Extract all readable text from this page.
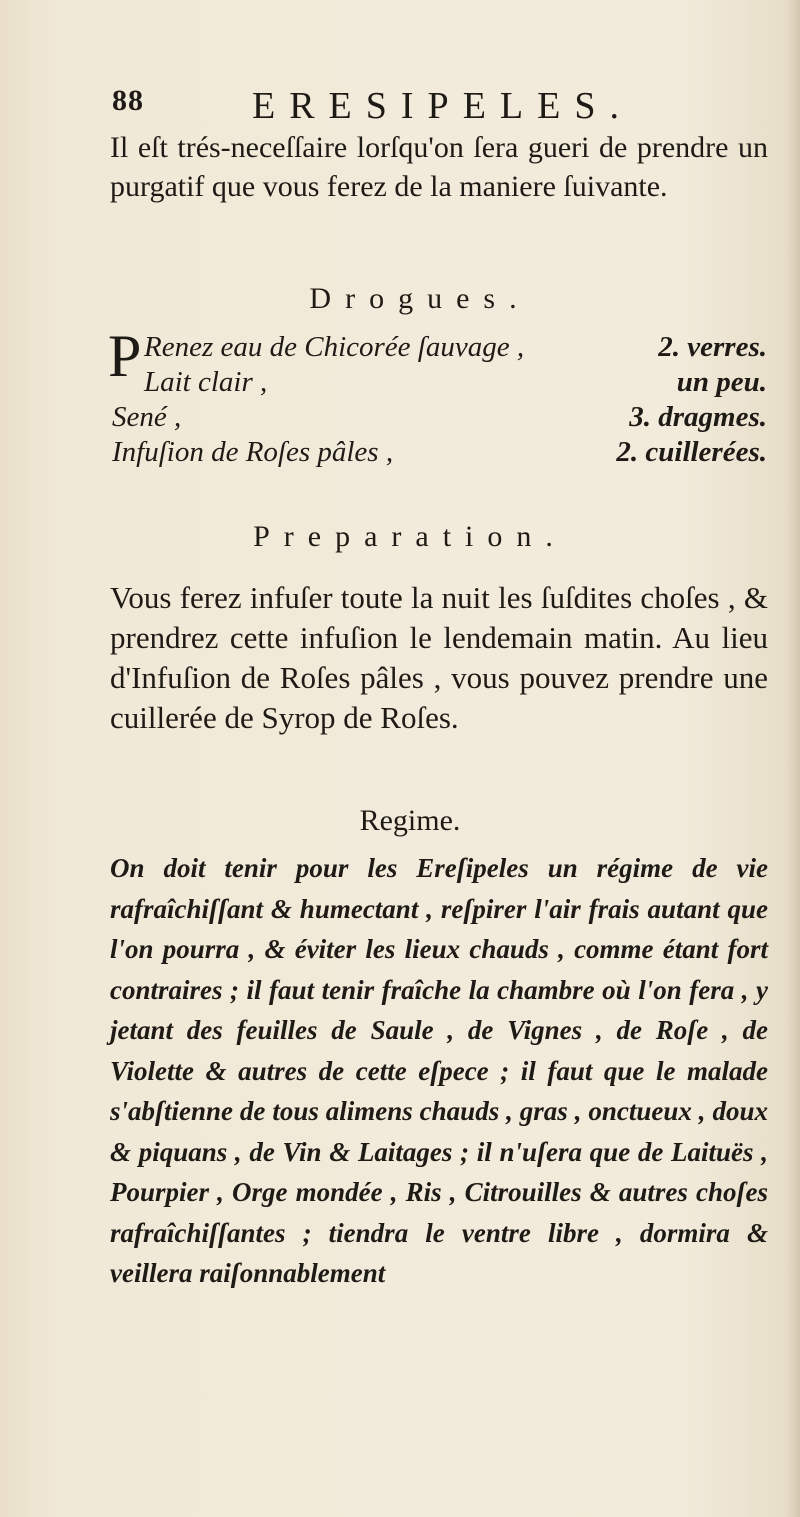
88	ERESIPELES.
Il eſt trés-neceſſaire lorſqu'on ſera gueri de prendre un purgatif que vous ferez de la maniere ſuivante.
Drogues.
P Renez eau de Chicorée ſauvage ,	2. verres.
Lait clair ,	un peu.
Sené ,	3. dragmes.
Infuſion de Roſes pâles ,	2. cuillerées.
Preparation.
Vous ferez infuſer toute la nuit les ſuſdites choſes , & prendrez cette infuſion le lendemain matin. Au lieu d'Infuſion de Roſes pâles , vous pouvez prendre une cuillerée de Syrop de Roſes.
Regime.
On doit tenir pour les Ereſipeles un régime de vie rafraîchiſſant & humectant , reſpirer l'air frais autant que l'on pourra , & éviter les lieux chauds , comme étant fort contraires ; il faut tenir fraîche la chambre où l'on fera , y jetant des feuilles de Saule , de Vignes , de Roſe , de Violette & autres de cette eſpece ; il faut que le malade s'abſtienne de tous alimens chauds , gras , onctueux , doux & piquans , de Vin & Laitages ; il n'uſera que de Laituës , Pourpier , Orge mondée , Ris , Citrouilles & autres choſes rafraîchiſſantes ; tiendra le ventre libre , dormira & veillera raiſonnablement
